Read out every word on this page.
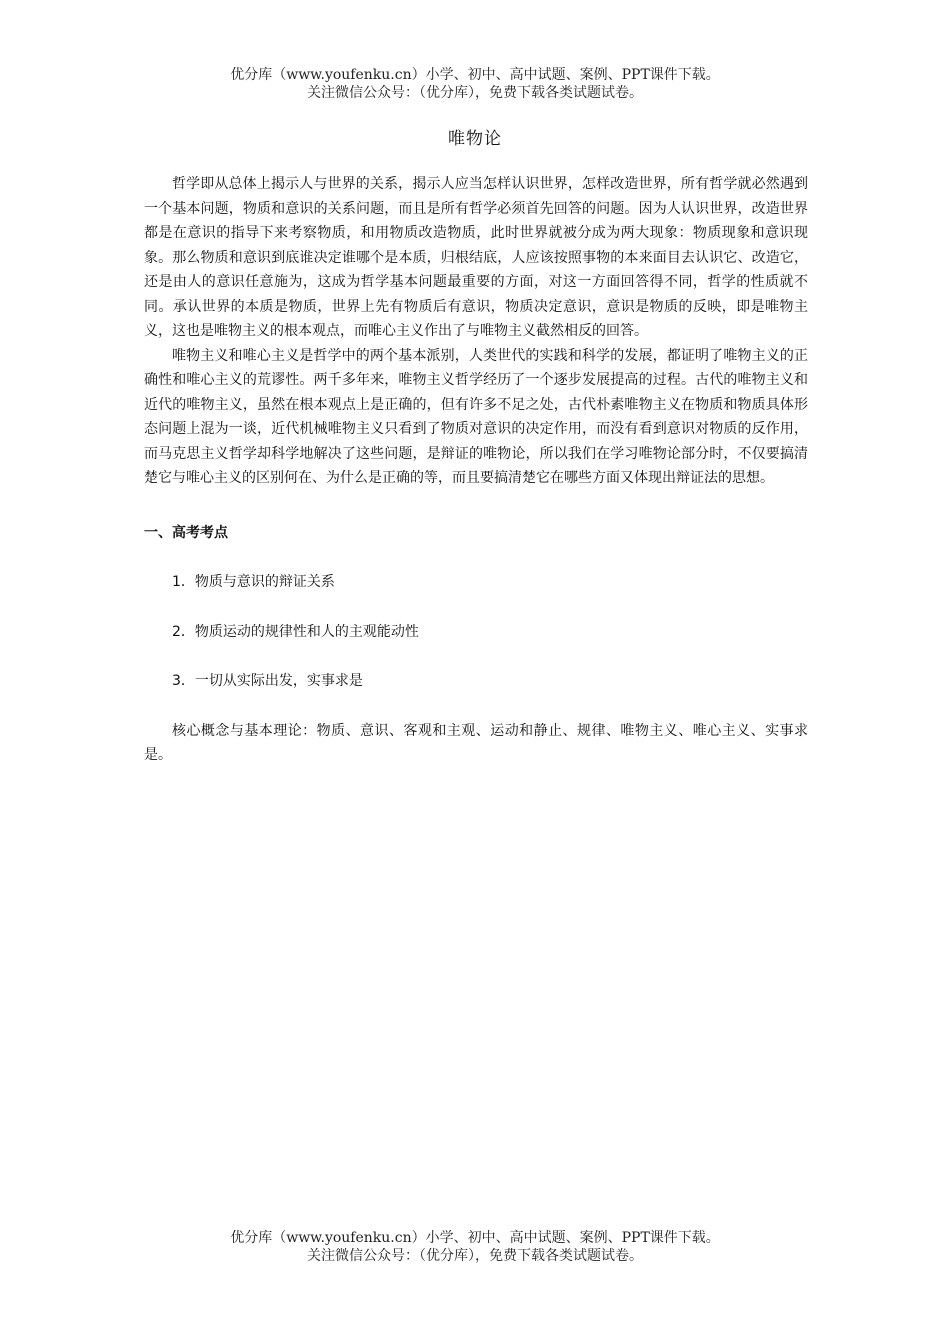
优分库（www.youfenku.cn）小学、初中、高中试题、案例、PPT课件下载。
关注微信公众号：（优分库），免费下载各类试题试卷。
唯物论

哲学即从总体上揭示人与世界的关系，揭示人应当怎样认识世界，怎样改造世界，所有哲学就必然遇到一个基本问题，物质和意识的关系问题，而且是所有哲学必须首先回答的问题。因为人认识世界，改造世界都是在意识的指导下来考察物质，和用物质改造物质，此时世界就被分成为两大现象：物质现象和意识现象。那么物质和意识到底谁决定谁哪个是本质，归根结底，人应该按照事物的本来面目去认识它、改造它，还是由人的意识任意施为，这成为哲学基本问题最重要的方面，对这一方面回答得不同，哲学的性质就不同。承认世界的本质是物质，世界上先有物质后有意识，物质决定意识，意识是物质的反映，即是唯物主义，这也是唯物主义的根本观点，而唯心主义作出了与唯物主义截然相反的回答。

唯物主义和唯心主义是哲学中的两个基本派别，人类世代的实践和科学的发展，都证明了唯物主义的正确性和唯心主义的荒谬性。两千多年来，唯物主义哲学经历了一个逐步发展提高的过程。古代的唯物主义和近代的唯物主义，虽然在根本观点上是正确的，但有许多不足之处，古代朴素唯物主义在物质和物质具体形态问题上混为一谈，近代机械唯物主义只看到了物质对意识的决定作用，而没有看到意识对物质的反作用，而马克思主义哲学却科学地解决了这些问题，是辩证的唯物论，所以我们在学习唯物论部分时，不仅要搞清楚它与唯心主义的区别何在、为什么是正确的等，而且要搞清楚它在哪些方面又体现出辩证法的思想。

一、高考考点

1．物质与意识的辩证关系

2．物质运动的规律性和人的主观能动性

3．一切从实际出发，实事求是

核心概念与基本理论：物质、意识、客观和主观、运动和静止、规律、唯物主义、唯心主义、实事求是。

优分库（www.youfenku.cn）小学、初中、高中试题、案例、PPT课件下载。
关注微信公众号：（优分库），免费下载各类试题试卷。
